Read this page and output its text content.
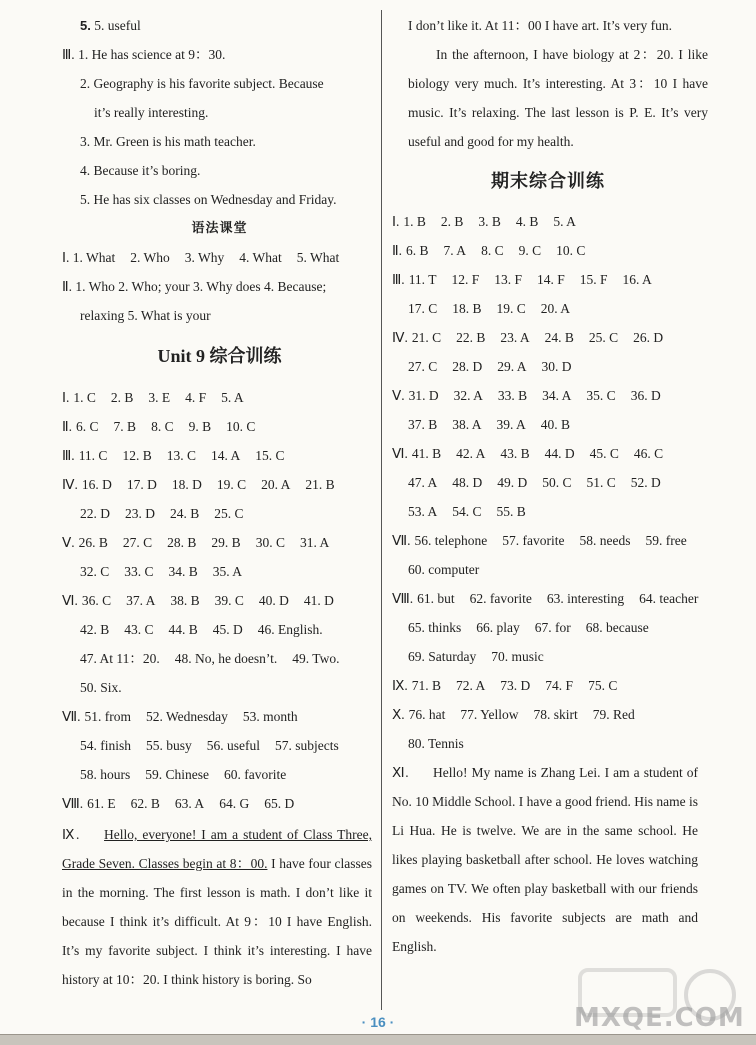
5. 5. useful
Ⅲ. 1. He has science at 9：30.
2. Geography is his favorite subject. Because
it’s really interesting.
3. Mr. Green is his math teacher.
4. Because it’s boring.
5. He has six classes on Wednesday and Friday.
语法课堂
Ⅰ. 1. What 2. Who 3. Why 4. What 5. What
Ⅱ. 1. Who 2. Who; your 3. Why does 4. Because;
relaxing 5. What is your
Unit 9 综合训练
Ⅰ. 1. C 2. B 3. E 4. F 5. A
Ⅱ. 6. C 7. B 8. C 9. B 10. C
Ⅲ. 11. C 12. B 13. C 14. A 15. C
Ⅳ. 16. D 17. D 18. D 19. C 20. A 21. B
22. D 23. D 24. B 25. C
Ⅴ. 26. B 27. C 28. B 29. B 30. C 31. A
32. C 33. C 34. B 35. A
Ⅵ. 36. C 37. A 38. B 39. C 40. D 41. D
42. B 43. C 44. B 45. D 46. English.
47. At 11：20. 48. No, he doesn’t. 49. Two.
50. Six.
Ⅶ. 51. from 52. Wednesday 53. month
54. finish 55. busy 56. useful 57. subjects
58. hours 59. Chinese 60. favorite
Ⅷ. 61. E 62. B 63. A 64. G 65. D
Ⅸ. Hello, everyone! I am a student of Class Three, Grade Seven. Classes begin at 8：00. I have four classes in the morning. The first lesson is math. I don’t like it because I think it’s difficult. At 9：10 I have English. It’s my favorite subject. I think it’s interesting. I have history at 10：20. I think history is boring. So
I don’t like it. At 11：00 I have art. It’s very fun.
In the afternoon, I have biology at 2：20. I like biology very much. It’s interesting. At 3：10 I have music. It’s relaxing. The last lesson is P. E. It’s very useful and good for my health.
期末综合训练
Ⅰ. 1. B 2. B 3. B 4. B 5. A
Ⅱ. 6. B 7. A 8. C 9. C 10. C
Ⅲ. 11. T 12. F 13. F 14. F 15. F 16. A
17. C 18. B 19. C 20. A
Ⅳ. 21. C 22. B 23. A 24. B 25. C 26. D
27. C 28. D 29. A 30. D
Ⅴ. 31. D 32. A 33. B 34. A 35. C 36. D
37. B 38. A 39. A 40. B
Ⅵ. 41. B 42. A 43. B 44. D 45. C 46. C
47. A 48. D 49. D 50. C 51. C 52. D
53. A 54. C 55. B
Ⅶ. 56. telephone 57. favorite 58. needs 59. free
60. computer
Ⅷ. 61. but 62. favorite 63. interesting 64. teacher
65. thinks 66. play 67. for 68. because
69. Saturday 70. music
Ⅸ. 71. B 72. A 73. D 74. F 75. C
Ⅹ. 76. hat 77. Yellow 78. skirt 79. Red
80. Tennis
Ⅺ. Hello! My name is Zhang Lei. I am a student of No. 10 Middle School. I have a good friend. His name is Li Hua. He is twelve. We are in the same school. He likes playing basketball after school. He loves watching games on TV. We often play basketball with our friends on weekends. His favorite subjects are math and English.
· 16 ·	MXQE.COM
